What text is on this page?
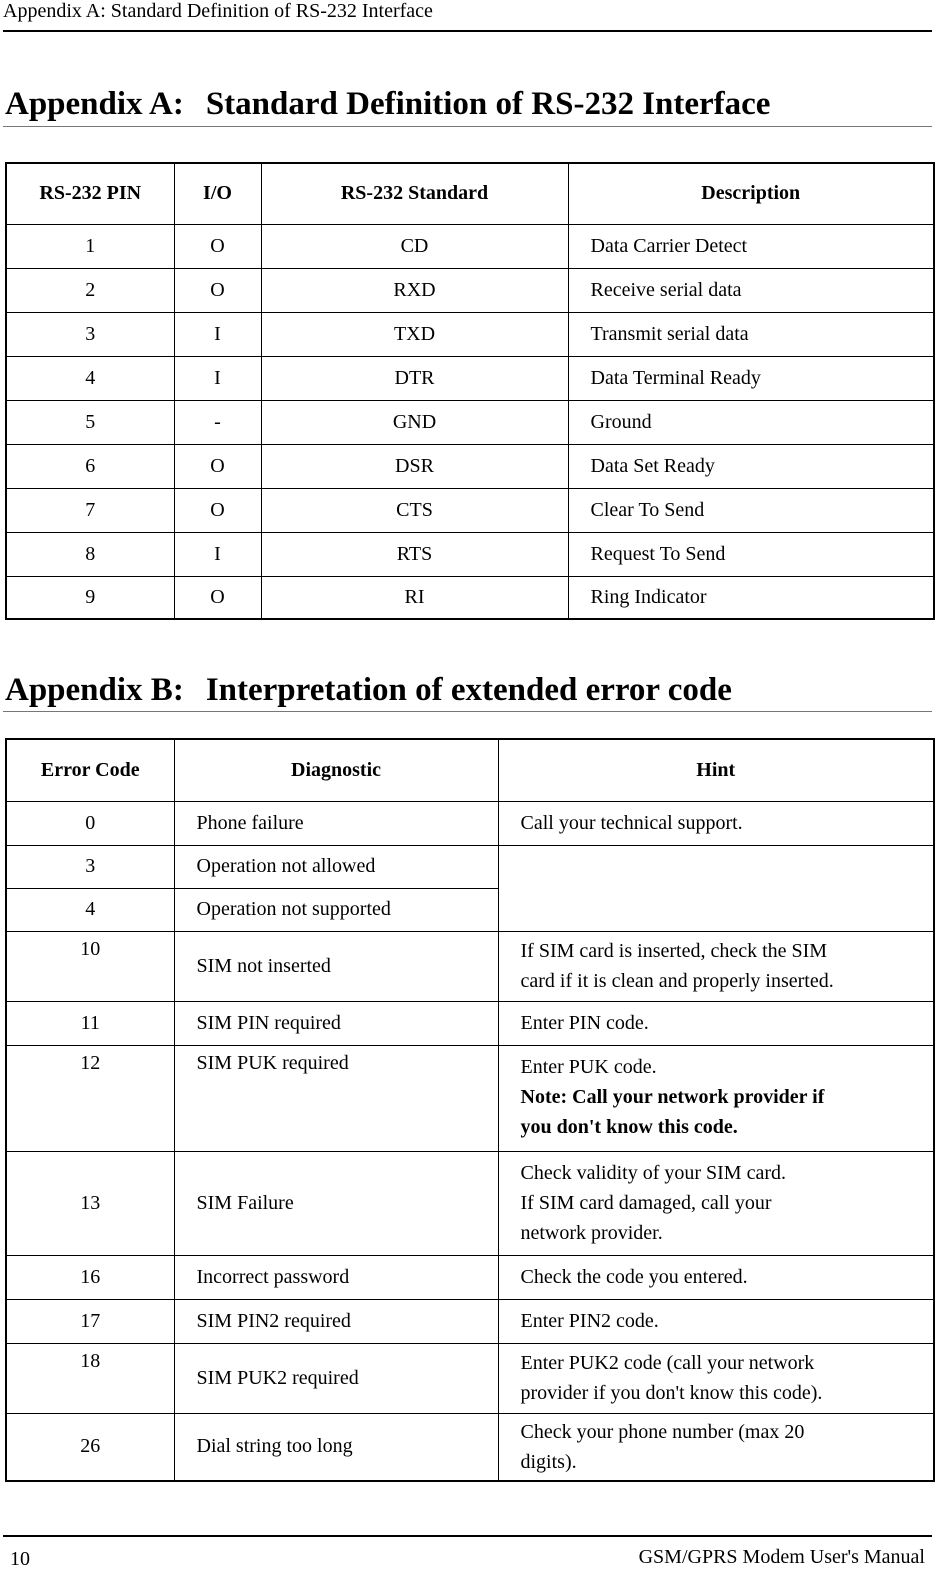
Appendix A: Standard Definition of RS-232 Interface
Appendix A: Standard Definition of RS-232 Interface
RS-232 PIN	I/O	RS-232 Standard	Description
1	O	CD	Data Carrier Detect
2	O	RXD	Receive serial data
3	I	TXD	Transmit serial data
4	I	DTR	Data Terminal Ready
5	-	GND	Ground
6	O	DSR	Data Set Ready
7	O	CTS	Clear To Send
8	I	RTS	Request To Send
9	O	RI	Ring Indicator
Appendix B: Interpretation of extended error code
Error Code	Diagnostic	Hint
0	Phone failure	Call your technical support.
3	Operation not allowed	
4	Operation not supported	
10	SIM not inserted	If SIM card is inserted, check the SIM
card if it is clean and properly inserted.

11	SIM PIN required	Enter PIN code.
12	SIM PUK required	Enter PUK code.
Note: Call your network provider if
you don't know this code.

13	SIM Failure	Check validity of your SIM card.
If SIM card damaged, call your
network provider.

16	Incorrect password	Check the code you entered.
17	SIM PIN2 required	Enter PIN2 code.
18	SIM PUK2 required	Enter PUK2 code (call your network
provider if you don't know this code).

26	Dial string too long	Check your phone number (max 20
digits).
10	GSM/GPRS Modem User's Manual
